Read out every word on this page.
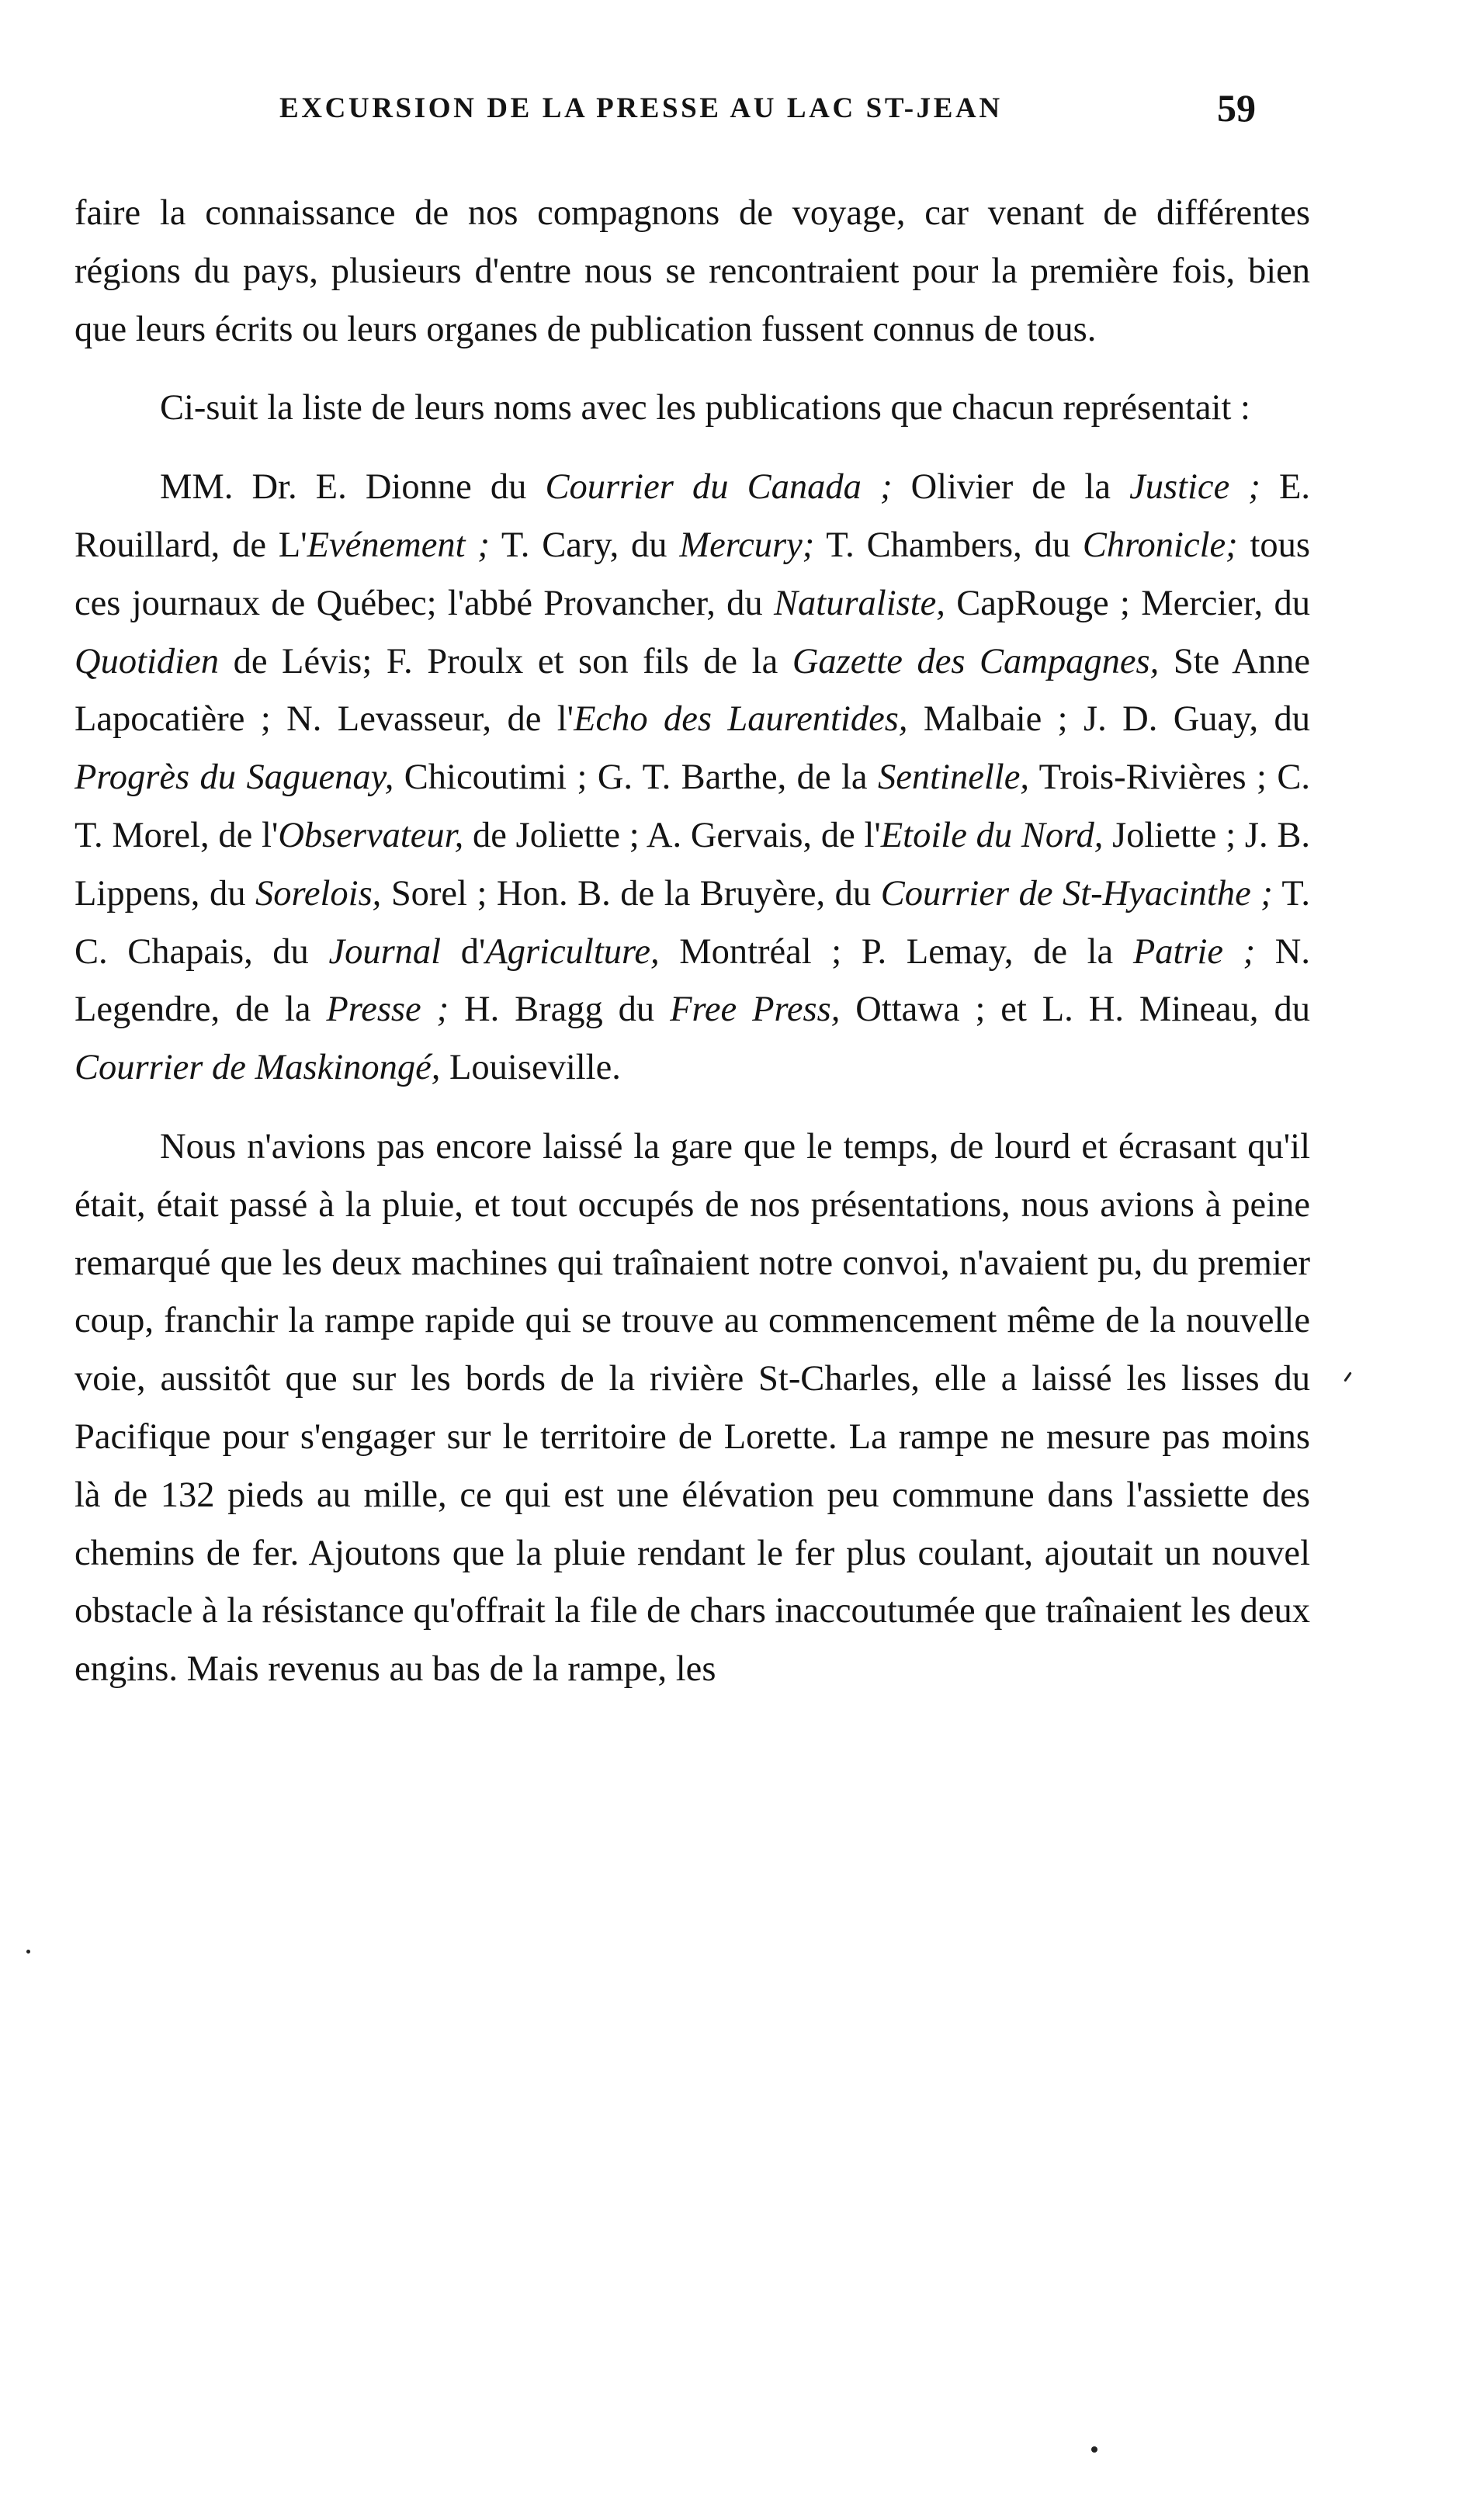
EXCURSION DE LA PRESSE AU LAC ST-JEAN	59

faire la connaissance de nos compagnons de voyage, car venant de différentes régions du pays, plusieurs d'entre nous se rencontraient pour la première fois, bien que leurs écrits ou leurs organes de publication fussent connus de tous.

Ci-suit la liste de leurs noms avec les publications que chacun représentait :

MM. Dr. E. Dionne du Courrier du Canada ; Olivier de la Justice ; E. Rouillard, de L'Evénement ; T. Cary, du Mercury; T. Chambers, du Chronicle; tous ces journaux de Québec; l'abbé Provancher, du Naturaliste, CapRouge ; Mercier, du Quotidien de Lévis; F. Proulx et son fils de la Gazette des Campagnes, Ste Anne Lapocatière ; N. Levasseur, de l'Echo des Laurentides, Malbaie ; J. D. Guay, du Progrès du Saguenay, Chicoutimi ; G. T. Barthe, de la Sentinelle, Trois-Rivières ; C. T. Morel, de l'Observateur, de Joliette ; A. Gervais, de l'Etoile du Nord, Joliette ; J. B. Lippens, du Sorelois, Sorel ; Hon. B. de la Bruyère, du Courrier de St-Hyacinthe ; T. C. Chapais, du Journal d'Agriculture, Montréal ; P. Lemay, de la Patrie ; N. Legendre, de la Presse ; H. Bragg du Free Press, Ottawa ; et L. H. Mineau, du Courrier de Maskinongé, Louiseville.

Nous n'avions pas encore laissé la gare que le temps, de lourd et écrasant qu'il était, était passé à la pluie, et tout occupés de nos présentations, nous avions à peine remarqué que les deux machines qui traînaient notre convoi, n'avaient pu, du premier coup, franchir la rampe rapide qui se trouve au commencement même de la nouvelle voie, aussitôt que sur les bords de la rivière St-Charles, elle a laissé les lisses du Pacifique pour s'engager sur le territoire de Lorette. La rampe ne mesure pas moins là de 132 pieds au mille, ce qui est une élévation peu commune dans l'assiette des chemins de fer. Ajoutons que la pluie rendant le fer plus coulant, ajoutait un nouvel obstacle à la résistance qu'offrait la file de chars inaccoutumée que traînaient les deux engins. Mais revenus au bas de la rampe, les
